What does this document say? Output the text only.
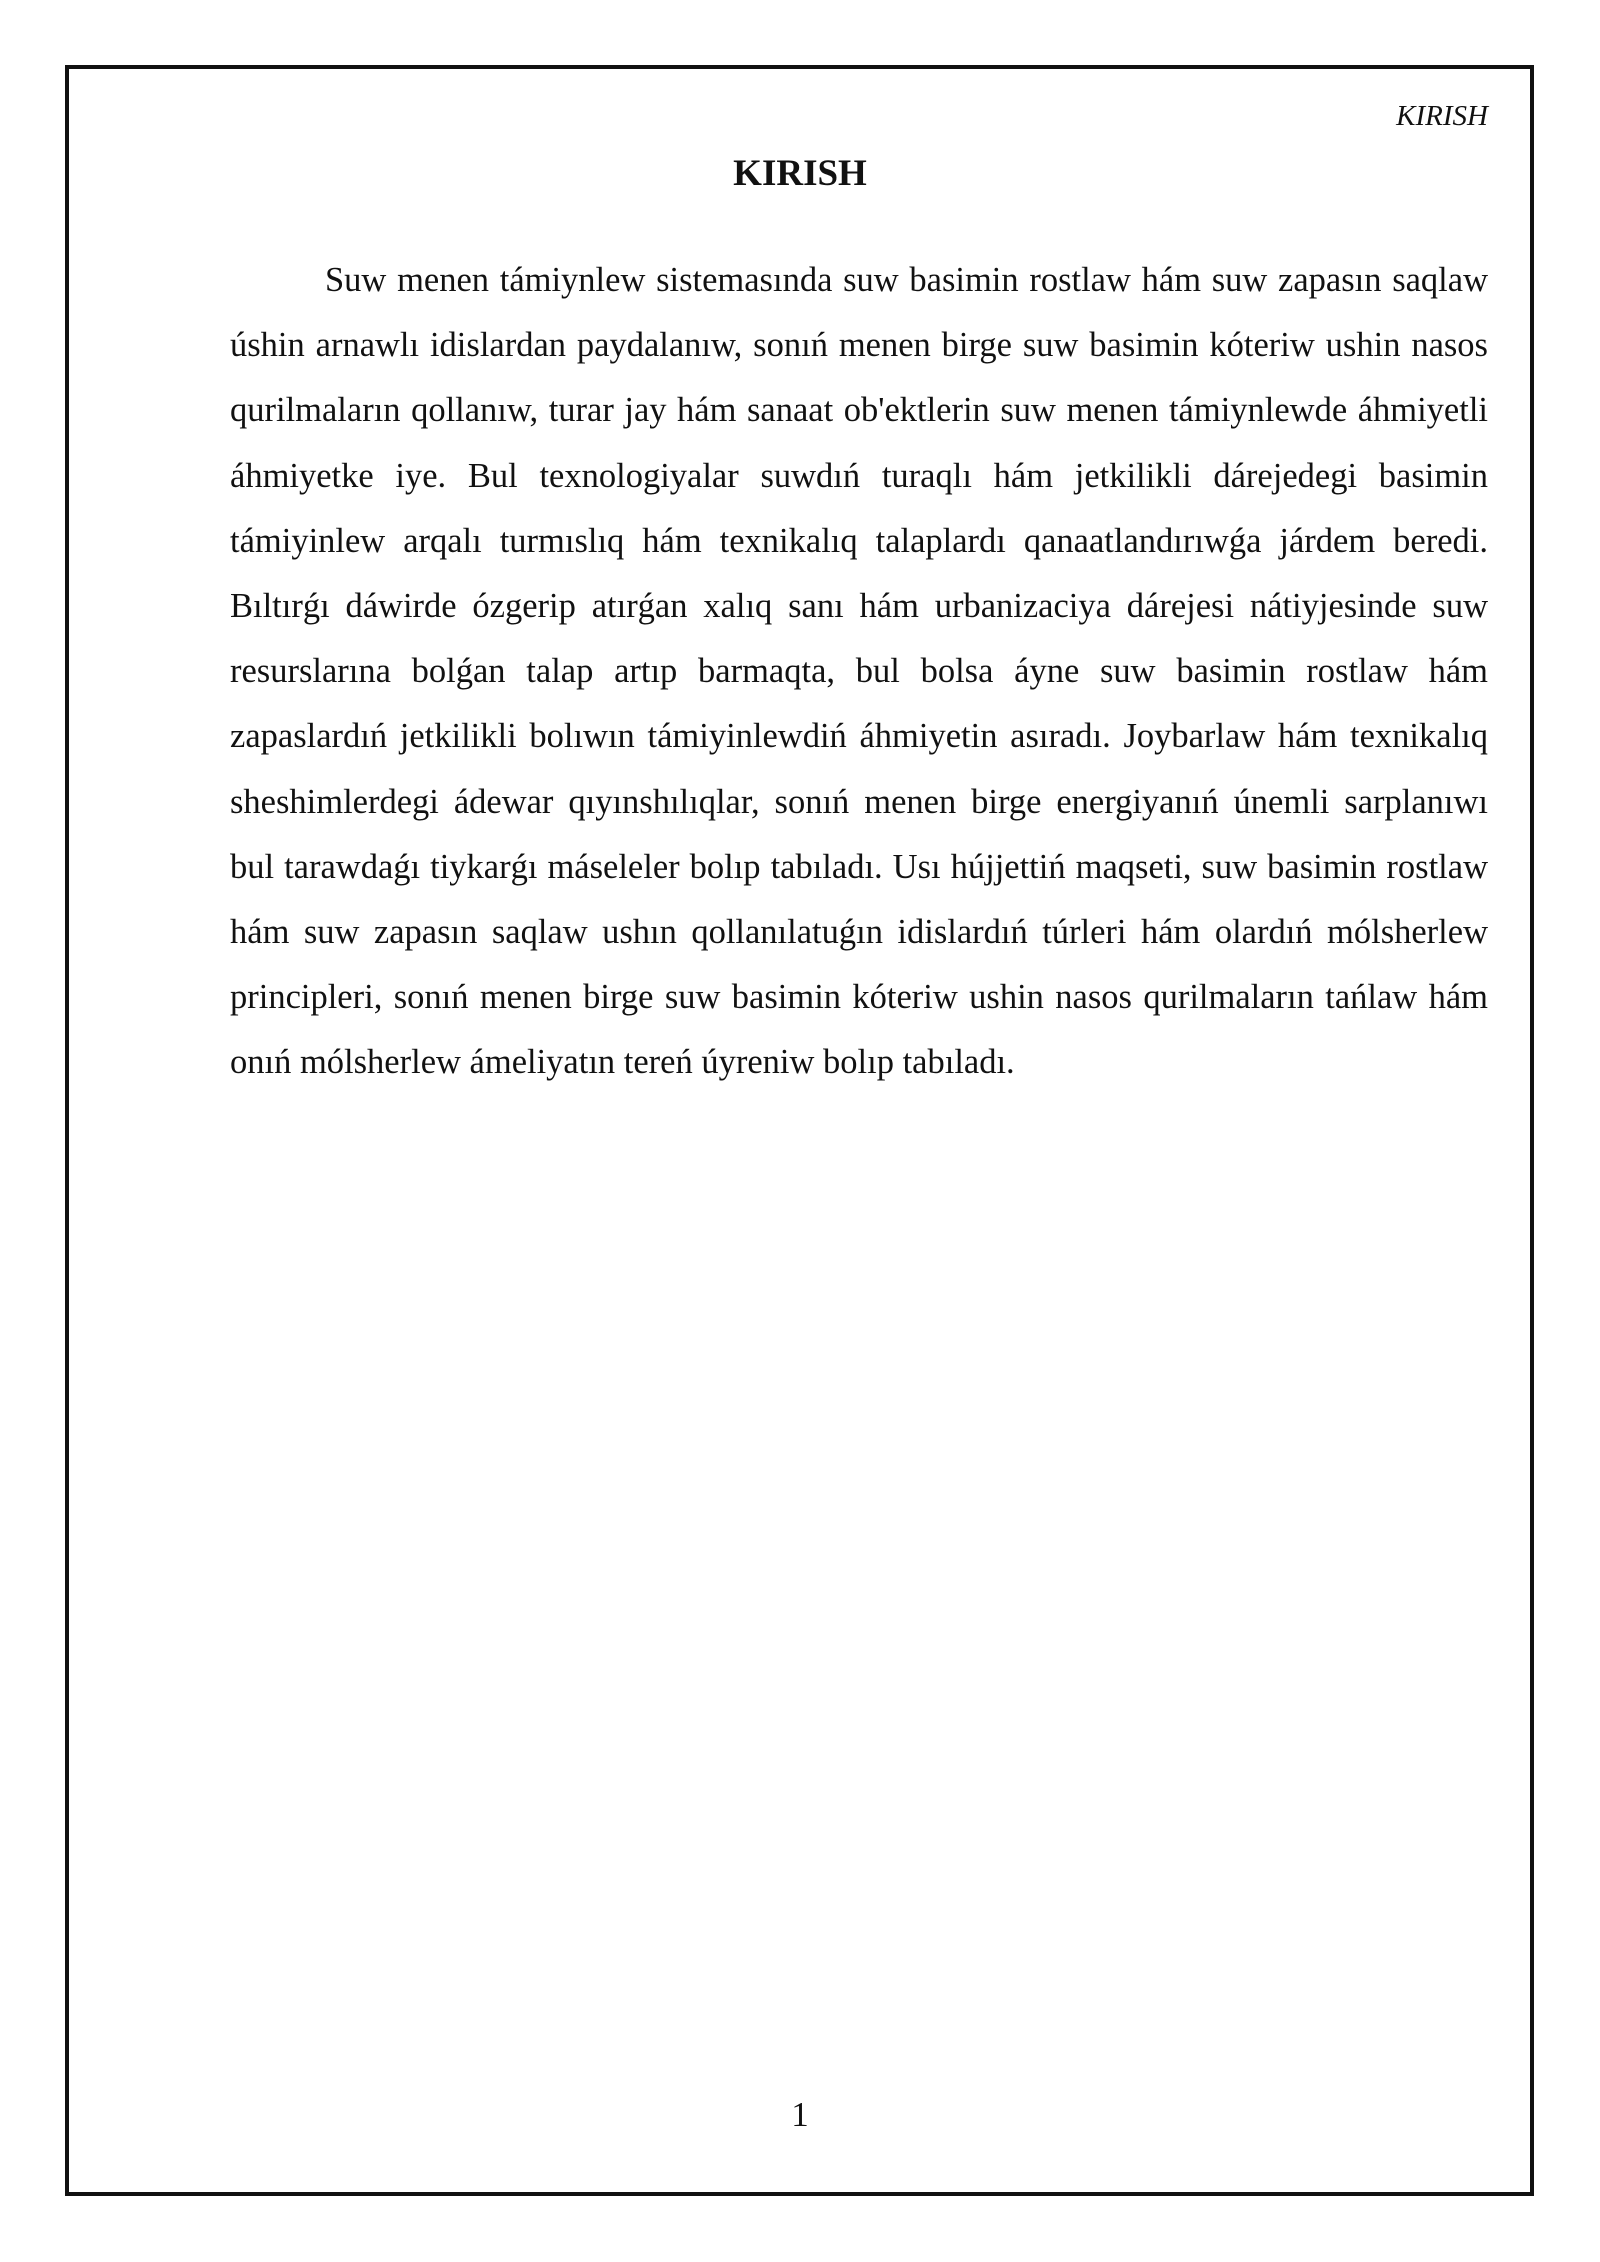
KIRISH
KIRISH

Suw menen támiynlew sistemasında suw basimin rostlaw hám suw zapasın saqlaw úshin arnawlı idislardan paydalanıw, sonıń menen birge suw basimin kóteriw ushin nasos qurilmaların qollanıw, turar jay hám sanaat ob'ektlerin suw menen támiynlewde áhmiyetli áhmiyetke iye. Bul texnologiyalar suwdıń turaqlı hám jetkilikli dárejedegi basimin támiyinlew arqalı turmıslıq hám texnikalıq talaplardı qanaatlandırıwǵa járdem beredi. Bıltırǵı dáwirde ózgerip atırǵan xalıq sanı hám urbanizaciya dárejesi nátiyjesinde suw resurslarına bolǵan talap artıp barmaqta, bul bolsa áyne suw basimin rostlaw hám zapaslardıń jetkilikli bolıwın támiyinlewdiń áhmiyetin asıradı. Joybarlaw hám texnikalıq sheshimlerdegi ádewar qıyınshılıqlar, sonıń menen birge energiyanıń únemli sarplanıwı bul tarawdaǵı tiykarǵı máseleler bolıp tabıladı. Usı hújjettiń maqseti, suw basimin rostlaw hám suw zapasın saqlaw ushın qollanılatuǵın idislardıń túrleri hám olardıń mólsherlew principleri, sonıń menen birge suw basimin kóteriw ushin nasos qurilmaların tańlaw hám onıń mólsherlew ámeliyatın tereń úyreniw bolıp tabıladı.

1
